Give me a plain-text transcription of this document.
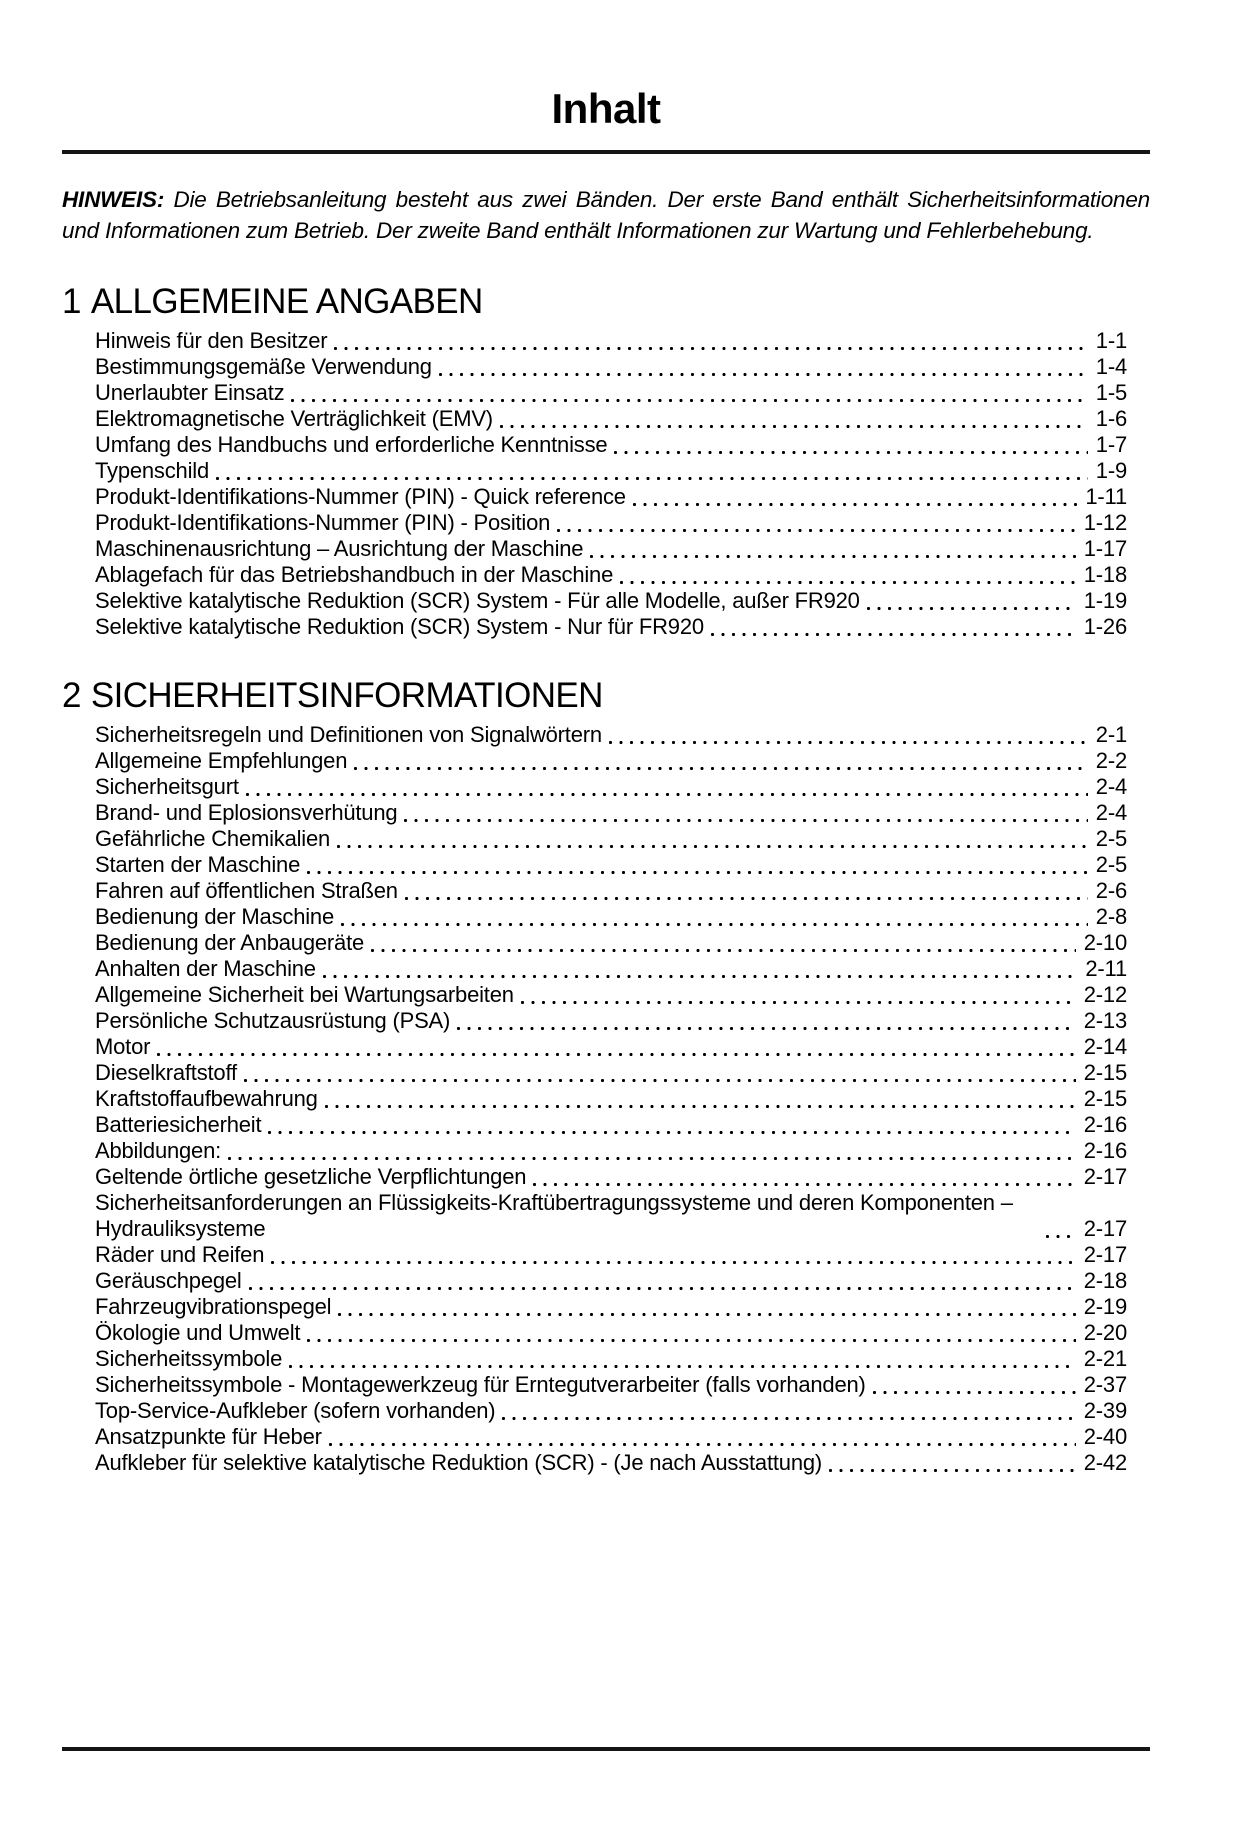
Inhalt

HINWEIS: Die Betriebsanleitung besteht aus zwei Bänden. Der erste Band enthält Sicherheitsinformationen und Informationen zum Betrieb. Der zweite Band enthält Informationen zur Wartung und Fehlerbehebung.

1 ALLGEMEINE ANGABEN
Hinweis für den Besitzer	1-1
Bestimmungsgemäße Verwendung	1-4
Unerlaubter Einsatz	1-5
Elektromagnetische Verträglichkeit (EMV)	1-6
Umfang des Handbuchs und erforderliche Kenntnisse	1-7
Typenschild	1-9
Produkt-Identifikations-Nummer (PIN) - Quick reference	1-11
Produkt-Identifikations-Nummer (PIN) - Position	1-12
Maschinenausrichtung – Ausrichtung der Maschine	1-17
Ablagefach für das Betriebshandbuch in der Maschine	1-18
Selektive katalytische Reduktion (SCR) System - Für alle Modelle, außer FR920	1-19
Selektive katalytische Reduktion (SCR) System - Nur für FR920	1-26
2 SICHERHEITSINFORMATIONEN
Sicherheitsregeln und Definitionen von Signalwörtern	2-1
Allgemeine Empfehlungen	2-2
Sicherheitsgurt	2-4
Brand- und Eplosionsverhütung	2-4
Gefährliche Chemikalien	2-5
Starten der Maschine	2-5
Fahren auf öffentlichen Straßen	2-6
Bedienung der Maschine	2-8
Bedienung der Anbaugeräte	2-10
Anhalten der Maschine	2-11
Allgemeine Sicherheit bei Wartungsarbeiten	2-12
Persönliche Schutzausrüstung (PSA)	2-13
Motor	2-14
Dieselkraftstoff	2-15
Kraftstoffaufbewahrung	2-15
Batteriesicherheit	2-16
Abbildungen:	2-16
Geltende örtliche gesetzliche Verpflichtungen	2-17
Sicherheitsanforderungen an Flüssigkeits-Kraftübertragungssysteme und deren Komponenten – Hydrauliksysteme	2-17
Räder und Reifen	2-17
Geräuschpegel	2-18
Fahrzeugvibrationspegel	2-19
Ökologie und Umwelt	2-20
Sicherheitssymbole	2-21
Sicherheitssymbole - Montagewerkzeug für Erntegutverarbeiter (falls vorhanden)	2-37
Top-Service-Aufkleber (sofern vorhanden)	2-39
Ansatzpunkte für Heber	2-40
Aufkleber für selektive katalytische Reduktion (SCR) - (Je nach Ausstattung)	2-42
